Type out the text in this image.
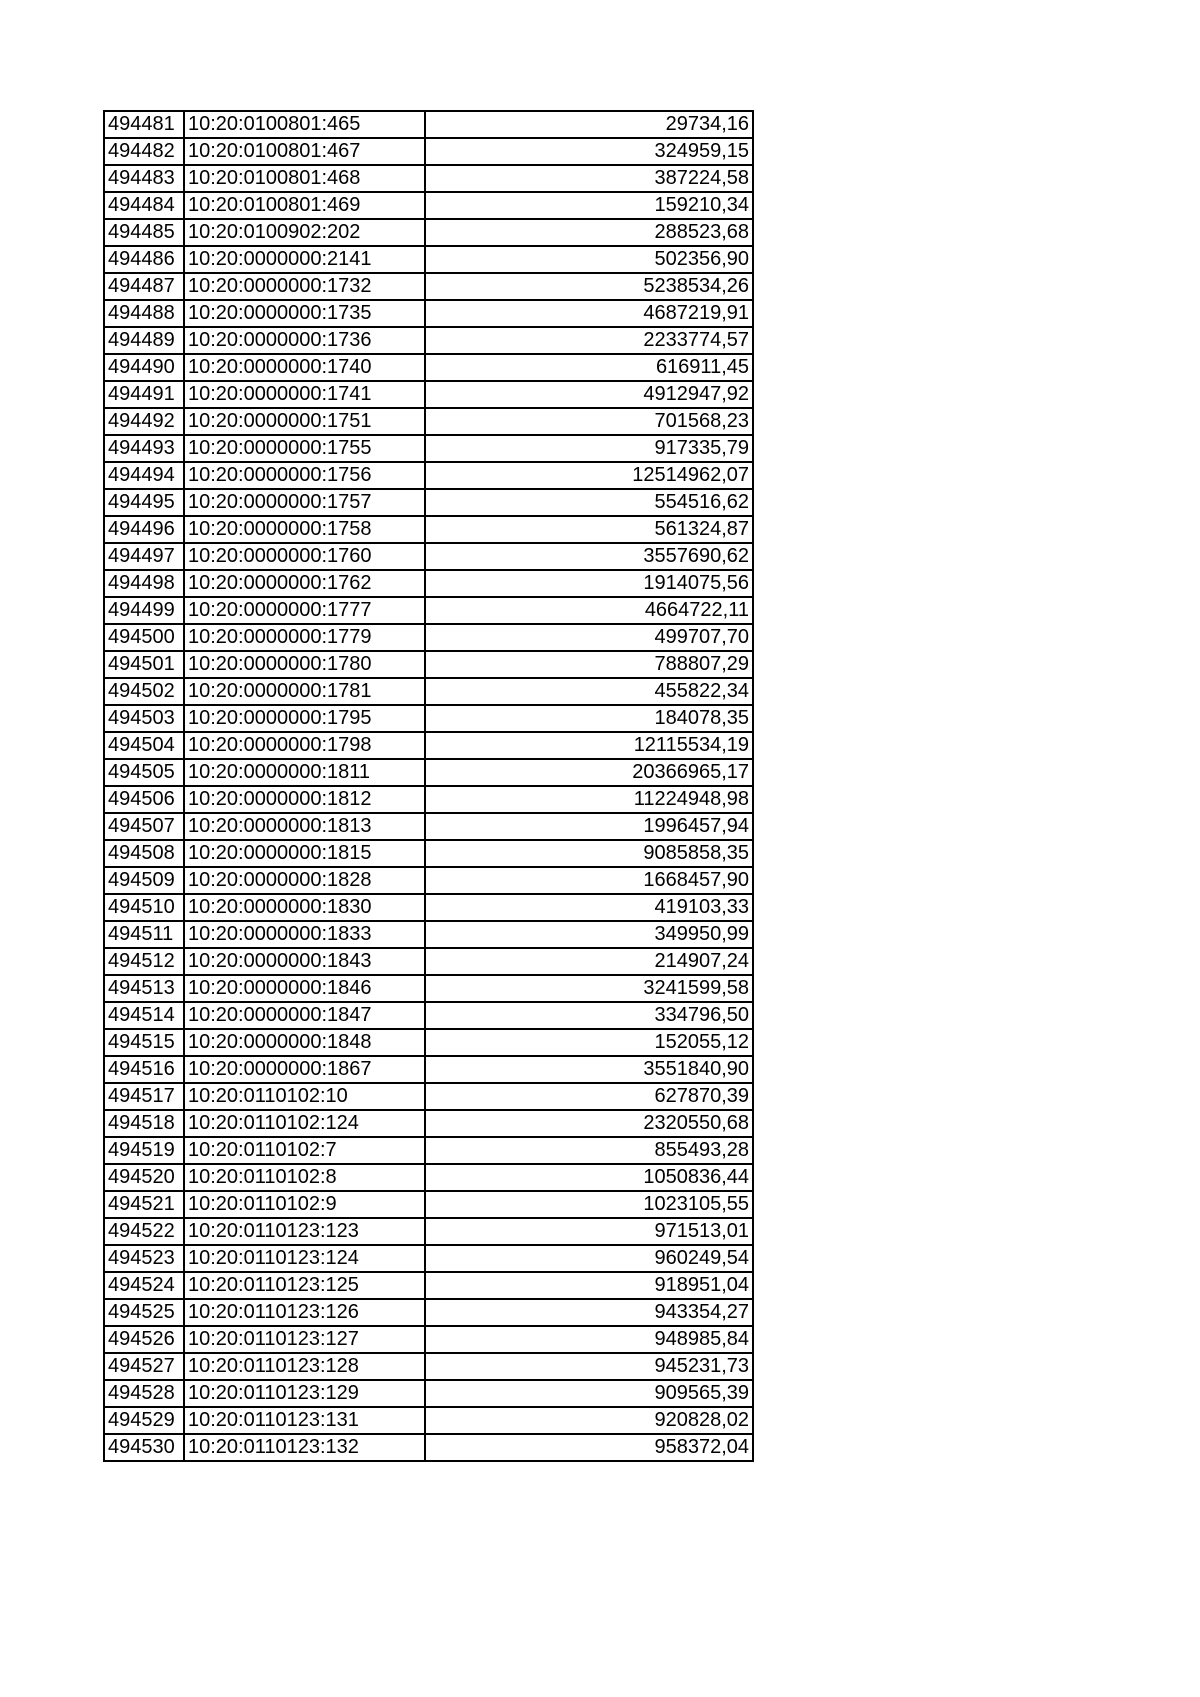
494481	10:20:0100801:465	29734,16
494482	10:20:0100801:467	324959,15
494483	10:20:0100801:468	387224,58
494484	10:20:0100801:469	159210,34
494485	10:20:0100902:202	288523,68
494486	10:20:0000000:2141	502356,90
494487	10:20:0000000:1732	5238534,26
494488	10:20:0000000:1735	4687219,91
494489	10:20:0000000:1736	2233774,57
494490	10:20:0000000:1740	616911,45
494491	10:20:0000000:1741	4912947,92
494492	10:20:0000000:1751	701568,23
494493	10:20:0000000:1755	917335,79
494494	10:20:0000000:1756	12514962,07
494495	10:20:0000000:1757	554516,62
494496	10:20:0000000:1758	561324,87
494497	10:20:0000000:1760	3557690,62
494498	10:20:0000000:1762	1914075,56
494499	10:20:0000000:1777	4664722,11
494500	10:20:0000000:1779	499707,70
494501	10:20:0000000:1780	788807,29
494502	10:20:0000000:1781	455822,34
494503	10:20:0000000:1795	184078,35
494504	10:20:0000000:1798	12115534,19
494505	10:20:0000000:1811	20366965,17
494506	10:20:0000000:1812	11224948,98
494507	10:20:0000000:1813	1996457,94
494508	10:20:0000000:1815	9085858,35
494509	10:20:0000000:1828	1668457,90
494510	10:20:0000000:1830	419103,33
494511	10:20:0000000:1833	349950,99
494512	10:20:0000000:1843	214907,24
494513	10:20:0000000:1846	3241599,58
494514	10:20:0000000:1847	334796,50
494515	10:20:0000000:1848	152055,12
494516	10:20:0000000:1867	3551840,90
494517	10:20:0110102:10	627870,39
494518	10:20:0110102:124	2320550,68
494519	10:20:0110102:7	855493,28
494520	10:20:0110102:8	1050836,44
494521	10:20:0110102:9	1023105,55
494522	10:20:0110123:123	971513,01
494523	10:20:0110123:124	960249,54
494524	10:20:0110123:125	918951,04
494525	10:20:0110123:126	943354,27
494526	10:20:0110123:127	948985,84
494527	10:20:0110123:128	945231,73
494528	10:20:0110123:129	909565,39
494529	10:20:0110123:131	920828,02
494530	10:20:0110123:132	958372,04
